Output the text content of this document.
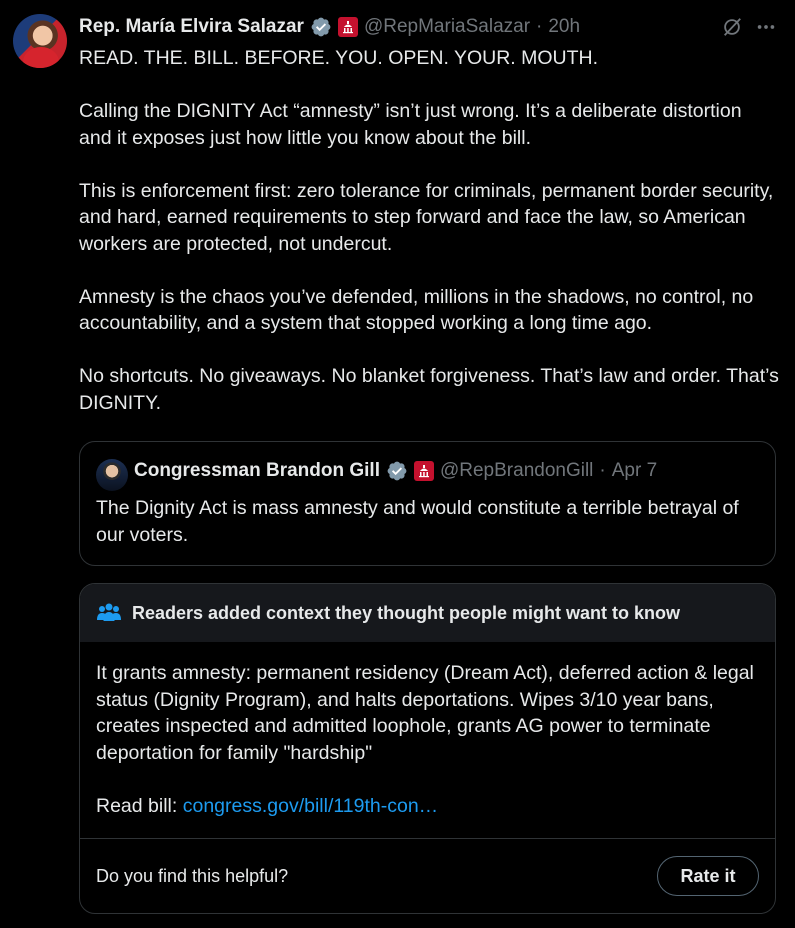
Rep. María Elvira Salazar	@RepMariaSalazar · 20h
READ. THE. BILL. BEFORE. YOU. OPEN. YOUR. MOUTH.

Calling the DIGNITY Act “amnesty” isn’t just wrong. It’s a deliberate distortion and it exposes just how little you know about the bill.

This is enforcement first: zero tolerance for criminals, permanent border security, and hard, earned requirements to step forward and face the law, so American workers are protected, not undercut.

Amnesty is the chaos you’ve defended, millions in the shadows, no control, no accountability, and a system that stopped working a long time ago.

No shortcuts. No giveaways. No blanket forgiveness. That’s law and order. That’s DIGNITY.
Congressman Brandon Gill	@RepBrandonGill · Apr 7
The Dignity Act is mass amnesty and would constitute a terrible betrayal of our voters.
Readers added context they thought people might want to know
It grants amnesty: permanent residency (Dream Act), deferred action & legal status (Dignity Program), and halts deportations. Wipes 3/10 year bans, creates inspected and admitted loophole, grants AG power to terminate deportation for family "hardship"
Read bill: congress.gov/bill/119th-con…
Do you find this helpful?	Rate it
